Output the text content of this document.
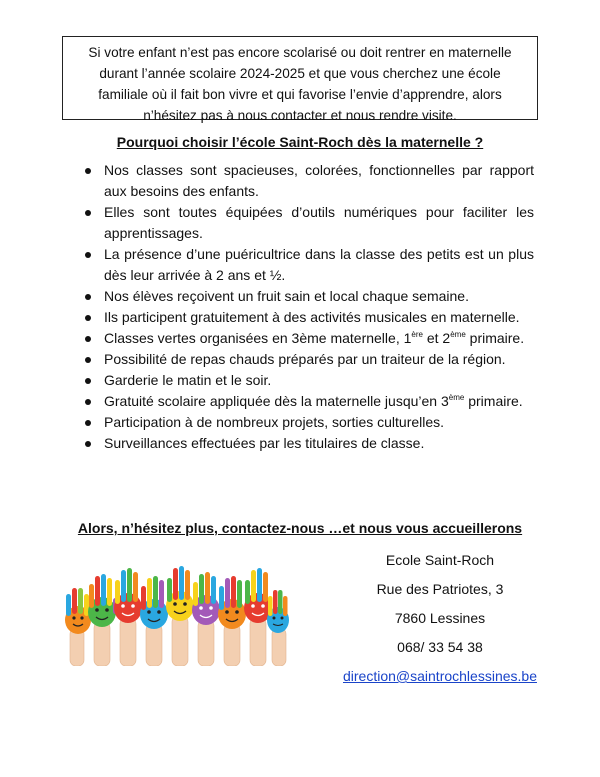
Si votre enfant n’est pas encore scolarisé ou doit rentrer en maternelle
durant l’année scolaire 2024-2025 et que vous cherchez une école
familiale où il fait bon vivre et qui favorise l’envie d’apprendre, alors
n’hésitez pas à nous contacter et nous rendre visite.
Pourquoi choisir l’école Saint-Roch dès la maternelle ?
Nos classes sont spacieuses, colorées, fonctionnelles par rapport aux besoins des enfants.
Elles sont toutes équipées d’outils numériques pour faciliter les apprentissages.
La présence d’une puéricultrice dans la classe des petits est un plus dès leur arrivée à 2 ans et ½.
Nos élèves reçoivent un fruit sain et local chaque semaine.
Ils participent gratuitement à des activités musicales en maternelle.
Classes vertes organisées en 3ème maternelle, 1ère et 2ème primaire.
Possibilité de repas chauds préparés par un traiteur de la région.
Garderie le matin et le soir.
Gratuité scolaire appliquée dès la maternelle jusqu’en 3ème primaire.
Participation à de nombreux projets, sorties culturelles.
Surveillances effectuées par les titulaires de classe.
Alors, n’hésitez plus, contactez-nous …et nous vous accueillerons
Ecole Saint-Roch
Rue des Patriotes, 3
7860 Lessines
068/ 33 54 38
direction@saintrochlessines.be
